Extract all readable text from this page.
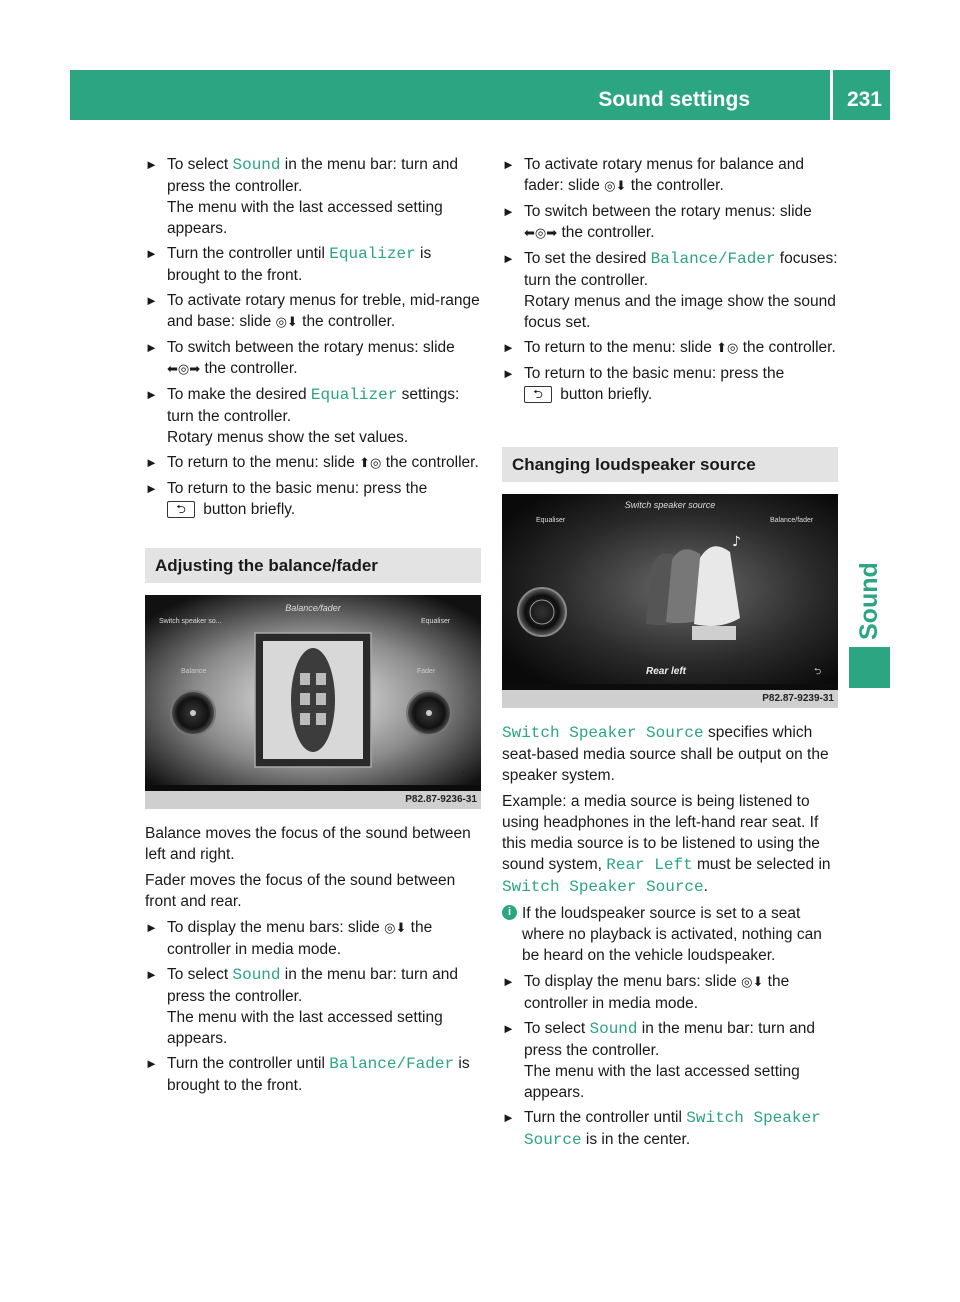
Sound settings	231
Sound
► To select Sound in the menu bar: turn and press the controller.
The menu with the last accessed setting appears.
► Turn the controller until Equalizer is brought to the front.
► To activate rotary menus for treble, mid-range and base: slide ◎⬇ the controller.
► To switch between the rotary menus: slide ⬅◎➡ the controller.
► To make the desired Equalizer settings: turn the controller.
Rotary menus show the set values.
► To return to the menu: slide ⬆◎ the controller.
► To return to the basic menu: press the
⮌ button briefly.
Adjusting the balance/fader
Balance/fader
Switch speaker so...	Equaliser
Balance	Fader
⮌
P82.87-9236-31
Balance moves the focus of the sound between left and right.
Fader moves the focus of the sound between front and rear.
► To display the menu bars: slide ◎⬇ the controller in media mode.
► To select Sound in the menu bar: turn and press the controller.
The menu with the last accessed setting appears.
► Turn the controller until Balance/Fader is brought to the front.
► To activate rotary menus for balance and fader: slide ◎⬇ the controller.
► To switch between the rotary menus: slide ⬅◎➡ the controller.
► To set the desired Balance/Fader focuses: turn the controller.
Rotary menus and the image show the sound focus set.
► To return to the menu: slide ⬆◎ the controller.
► To return to the basic menu: press the
⮌ button briefly.
Changing loudspeaker source
♪
Switch speaker source
Equaliser	Balance/fader
Rear left	⮌
P82.87-9239-31
Switch Speaker Source specifies which seat-based media source shall be output on the speaker system.
Example: a media source is being listened to using headphones in the left-hand rear seat. If this media source is to be listened to using the sound system, Rear Left must be selected in Switch Speaker Source.
i If the loudspeaker source is set to a seat where no playback is activated, nothing can be heard on the vehicle loudspeaker.
► To display the menu bars: slide ◎⬇ the controller in media mode.
► To select Sound in the menu bar: turn and press the controller.
The menu with the last accessed setting appears.
► Turn the controller until Switch Speaker Source is in the center.
